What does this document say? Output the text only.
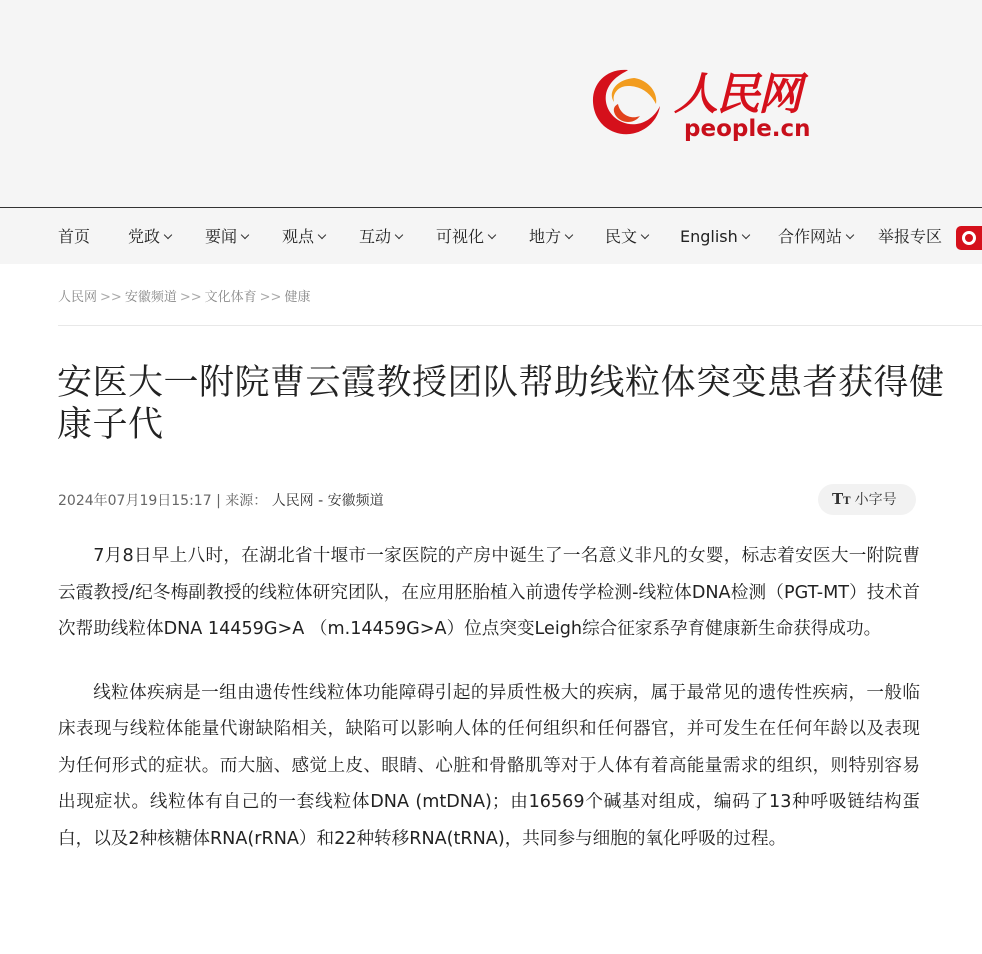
人民网
people.cn
首页 党政	要闻	观点	互动	可视化	地方	民文	English	合作网站	举报专区
人民网 >> 安徽频道 >> 文化体育 >> 健康
安医大一附院曹云霞教授团队帮助线粒体突变患者获得健康子代
2024年07月19日15:17 | 来源： 人民网 - 安徽频道	TT 小字号

7月8日早上八时，在湖北省十堰市一家医院的产房中诞生了一名意义非凡的女婴，标志着安医大一附院曹云霞教授/纪冬梅副教授的线粒体研究团队，在应用胚胎植入前遗传学检测-线粒体DNA检测（PGT-MT）技术首次帮助线粒体DNA 14459G>A （m.14459G>A）位点突变Leigh综合征家系孕育健康新生命获得成功。

线粒体疾病是一组由遗传性线粒体功能障碍引起的异质性极大的疾病，属于最常见的遗传性疾病，一般临床表现与线粒体能量代谢缺陷相关，缺陷可以影响人体的任何组织和任何器官，并可发生在任何年龄以及表现为任何形式的症状。而大脑、感觉上皮、眼睛、心脏和骨骼肌等对于人体有着高能量需求的组织，则特别容易出现症状。线粒体有自己的一套线粒体DNA (mtDNA)；由16569个碱基对组成，编码了13种呼吸链结构蛋白，以及2种核糖体RNA(rRNA）和22种转移RNA(tRNA)，共同参与细胞的氧化呼吸的过程。
